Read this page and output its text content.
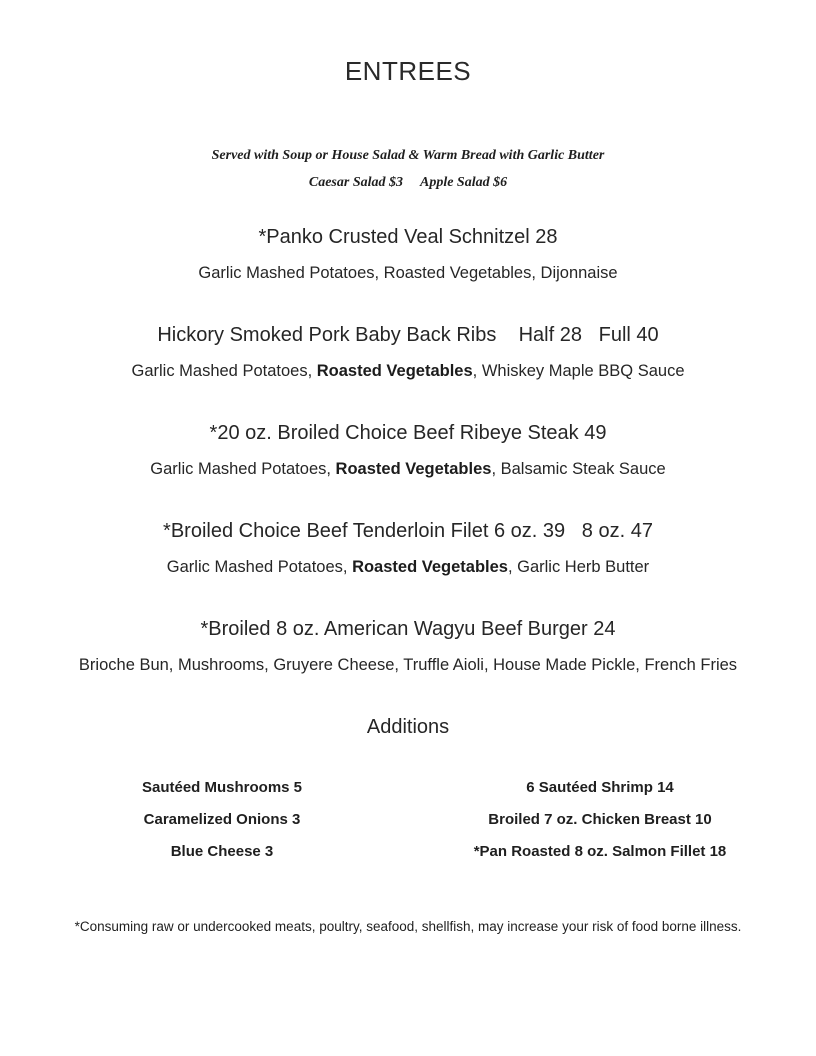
ENTREES
Served with Soup or House Salad & Warm Bread with Garlic Butter
Caesar Salad $3     Apple Salad $6
*Panko Crusted Veal Schnitzel 28
Garlic Mashed Potatoes, Roasted Vegetables, Dijonnaise
Hickory Smoked Pork Baby Back Ribs    Half 28   Full 40
Garlic Mashed Potatoes, Roasted Vegetables, Whiskey Maple BBQ Sauce
*20 oz. Broiled Choice Beef Ribeye Steak 49
Garlic Mashed Potatoes, Roasted Vegetables, Balsamic Steak Sauce
*Broiled Choice Beef Tenderloin Filet 6 oz. 39   8 oz. 47
Garlic Mashed Potatoes, Roasted Vegetables, Garlic Herb Butter
*Broiled 8 oz. American Wagyu Beef Burger 24
Brioche Bun, Mushrooms, Gruyere Cheese, Truffle Aioli, House Made Pickle, French Fries
Additions
Sautéed Mushrooms 5
Caramelized Onions 3
Blue Cheese 3
6 Sautéed Shrimp 14
Broiled 7 oz. Chicken Breast 10
*Pan Roasted 8 oz. Salmon Fillet 18
*Consuming raw or undercooked meats, poultry, seafood, shellfish, may increase your risk of food borne illness.
